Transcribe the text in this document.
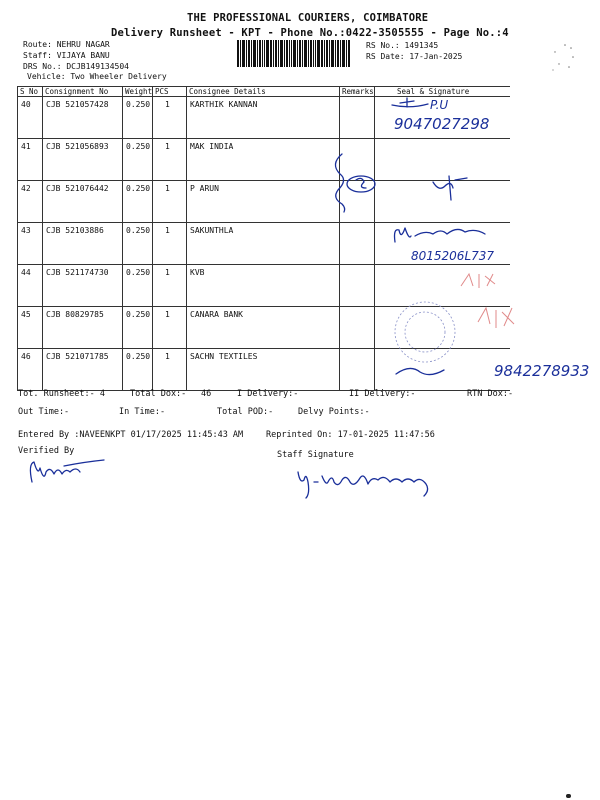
THE PROFESSIONAL COURIERS, COIMBATORE
Delivery Runsheet - KPT - Phone No.:0422-3505555 - Page No.:4
Route: NEHRU NAGAR
Staff: VIJAYA BANU
DRS No.: DCJB149134504
Vehicle: Two Wheeler Delivery
RS No.: 1491345
RS Date: 17-Jan-2025
S No	Consignment No	Weight	PCS	Consignee Details	Remarks	Seal & Signature
40	CJB 521057428	0.250	1	KARTHIK KANNAN		
41	CJB 521056893	0.250	1	MAK INDIA		
42	CJB 521076442	0.250	1	P ARUN		
43	CJB 52103886	0.250	1	SAKUNTHLA		
44	CJB 521174730	0.250	1	KVB		
45	CJB 80829785	0.250	1	CANARA BANK		
46	CJB 521071785	0.250	1	SACHN TEXTILES		
P.U
9047027298
8015206L737
9842278933
Tot. Runsheet:- 4	Total Dox:- 46	I Delivery:-	II Delivery:-	RTN Dox:-
Out Time:-	In Time:-	Total POD:-	Delvy Points:-
Entered By :NAVEENKPT 01/17/2025 11:45:43 AM	Reprinted On: 17-01-2025 11:47:56
Verified By	Staff Signature
